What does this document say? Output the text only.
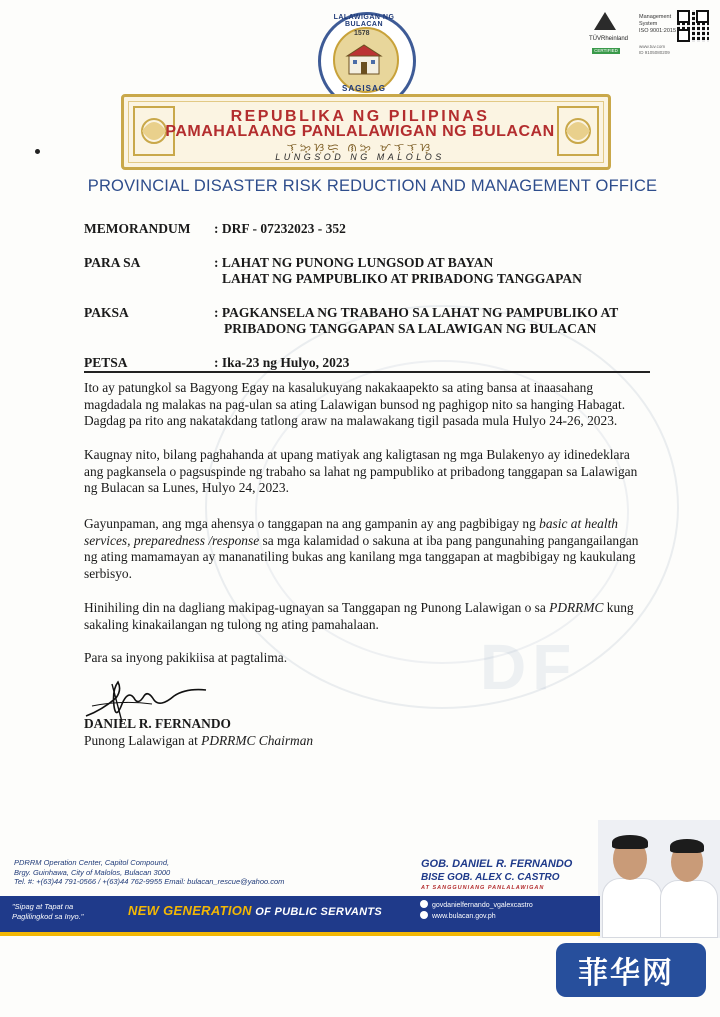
DF
LALAWIGAN NG BULACAN
1578
SAGISAG
TÜVRheinland
CERTIFIED
Management
System
ISO 9001:2015
www.tuv.com
ID 9105080209
REPUBLIKA NG PILIPINAS
PAMAHALAANG PANLALAWIGAN NG BULACAN
ᜎᜓᜅ᜔ᜐᜓᜇ᜔ ᜈᜅ᜔ ᜋᜎᜓᜎᜓᜐ᜔
LUNGSOD NG MALOLOS
PROVINCIAL DISASTER RISK REDUCTION AND MANAGEMENT OFFICE
MEMORANDUM : DRF - 07232023 - 352
PARA SA	: LAHAT NG PUNONG LUNGSOD AT BAYAN
LAHAT NG PAMPUBLIKO AT PRIBADONG TANGGAPAN
PAKSA	: PAGKANSELA NG TRABAHO SA LAHAT NG PAMPUBLIKO AT
PRIBADONG TANGGAPAN SA LALAWIGAN NG BULACAN
PETSA	: Ika-23 ng Hulyo, 2023
Ito ay patungkol sa Bagyong Egay na kasalukuyang nakakaapekto sa ating bansa at inaasahang magdadala ng malakas na pag-ulan sa ating Lalawigan bunsod ng paghigop nito sa hanging Habagat. Dagdag pa rito ang nakatakdang tatlong araw na malawakang tigil pasada mula Hulyo 24-26, 2023.
Kaugnay nito, bilang paghahanda at upang matiyak ang kaligtasan ng mga Bulakenyo ay idinedeklara ang pagkansela o pagsuspinde ng trabaho sa lahat ng pampubliko at pribadong tanggapan sa Lalawigan ng Bulacan sa Lunes, Hulyo 24, 2023.
Gayunpaman, ang mga ahensya o tanggapan na ang gampanin ay ang pagbibigay ng basic at health services, preparedness /response sa mga kalamidad o sakuna at iba pang pangunahing pangangailangan ng ating mamamayan ay mananatiling bukas ang kanilang mga tanggapan at magbibigay ng kaukulang serbisyo.
Hinihiling din na dagliang makipag-ugnayan sa Tanggapan ng Punong Lalawigan o sa PDRRMC kung sakaling kinakailangan ng tulong ng ating pamahalaan.
Para sa inyong pakikiisa at pagtalima.
DANIEL R. FERNANDO
Punong Lalawigan at PDRRMC Chairman
PDRRM Operation Center, Capitol Compound,
Brgy. Guinhawa, City of Malolos, Bulacan 3000
Tel. #: +(63)44 791-0566 / +(63)44 762-9955 Email: bulacan_rescue@yahoo.com
GOB. DANIEL R. FERNANDO
BISE GOB. ALEX C. CASTRO
AT SANGGUNIANG PANLALAWIGAN
"Sipag at Tapat na
Paglilingkod sa Inyo."	NEW GENERATION OF PUBLIC SERVANTS
govdanielfernando_vgalexcastro
www.bulacan.gov.ph
菲华网
